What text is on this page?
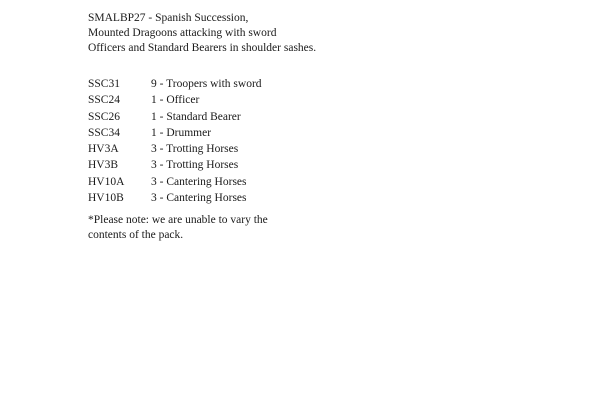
SMALBP27 - Spanish Succession,
Mounted Dragoons attacking with sword
Officers and Standard Bearers in shoulder sashes.
SSC31	9 - Troopers with sword
SSC24	1 - Officer
SSC26	1 - Standard Bearer
SSC34	1 - Drummer
HV3A	3 - Trotting Horses
HV3B	3 - Trotting Horses
HV10A	3 - Cantering Horses
HV10B	3 - Cantering Horses
*Please note: we are unable to vary the
contents of the pack.
